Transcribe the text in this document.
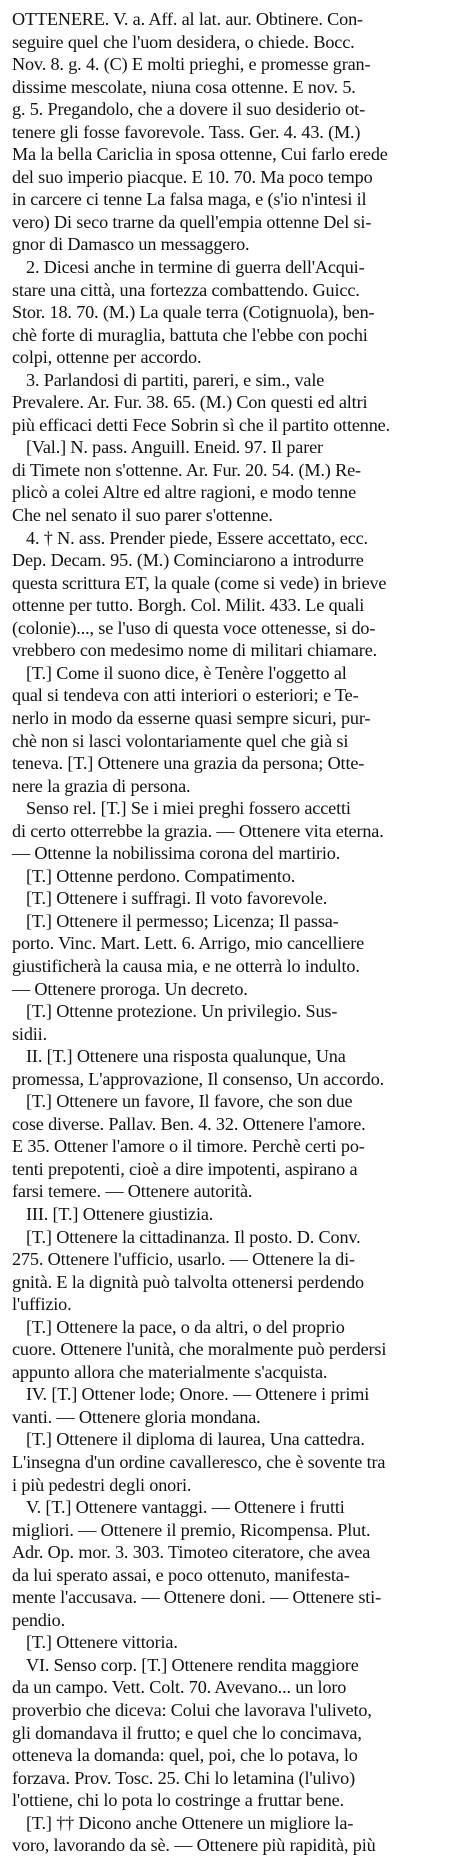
OTTENERE. V. a. Aff. al lat. aur. Obtinere. Con-
seguire quel che l'uom desidera, o chiede. Bocc.
Nov. 8. g. 4. (C) E molti prieghi, e promesse gran-
dissime mescolate, niuna cosa ottenne. E nov. 5.
g. 5. Pregandolo, che a dovere il suo desiderio ot-
tenere gli fosse favorevole. Tass. Ger. 4. 43. (M.)
Ma la bella Cariclia in sposa ottenne, Cui farlo erede
del suo imperio piacque. E 10. 70. Ma poco tempo
in carcere ci tenne La falsa maga, e (s'io n'intesi il
vero) Di seco trarne da quell'empia ottenne Del si-
gnor di Damasco un messaggero.
2. Dicesi anche in termine di guerra dell'Acqui-
stare una città, una fortezza combattendo. Guicc.
Stor. 18. 70. (M.) La quale terra (Cotignuola), ben-
chè forte di muraglia, battuta che l'ebbe con pochi
colpi, ottenne per accordo.
3. Parlandosi di partiti, pareri, e sim., vale
Prevalere. Ar. Fur. 38. 65. (M.) Con questi ed altri
più efficaci detti Fece Sobrin sì che il partito ottenne.
[Val.] N. pass. Anguill. Eneid. 97. Il parer
di Timete non s'ottenne. Ar. Fur. 20. 54. (M.) Re-
plicò a colei Altre ed altre ragioni, e modo tenne
Che nel senato il suo parer s'ottenne.
4. † N. ass. Prender piede, Essere accettato, ecc.
Dep. Decam. 95. (M.) Cominciarono a introdurre
questa scrittura ET, la quale (come si vede) in brieve
ottenne per tutto. Borgh. Col. Milit. 433. Le quali
(colonie)..., se l'uso di questa voce ottenesse, si do-
vrebbero con medesimo nome di militari chiamare.
[T.] Come il suono dice, è Tenère l'oggetto al
qual si tendeva con atti interiori o esteriori; e Te-
nerlo in modo da esserne quasi sempre sicuri, pur-
chè non si lasci volontariamente quel che già si
teneva. [T.] Ottenere una grazia da persona; Otte-
nere la grazia di persona.
Senso rel. [T.] Se i miei preghi fossero accetti
di certo otterrebbe la grazia. — Ottenere vita eterna.
— Ottenne la nobilissima corona del martirio.
[T.] Ottenne perdono. Compatimento.
[T.] Ottenere i suffragi. Il voto favorevole.
[T.] Ottenere il permesso; Licenza; Il passa-
porto. Vinc. Mart. Lett. 6. Arrigo, mio cancelliere
giustificherà la causa mia, e ne otterrà lo indulto.
— Ottenere proroga. Un decreto.
[T.] Ottenne protezione. Un privilegio. Sus-
sidii.
II. [T.] Ottenere una risposta qualunque, Una
promessa, L'approvazione, Il consenso, Un accordo.
[T.] Ottenere un favore, Il favore, che son due
cose diverse. Pallav. Ben. 4. 32. Ottenere l'amore.
E 35. Ottener l'amore o il timore. Perchè certi po-
tenti prepotenti, cioè a dire impotenti, aspirano a
farsi temere. — Ottenere autorità.
III. [T.] Ottenere giustizia.
[T.] Ottenere la cittadinanza. Il posto. D. Conv.
275. Ottenere l'ufficio, usarlo. — Ottenere la di-
gnità. E la dignità può talvolta ottenersi perdendo
l'uffizio.
[T.] Ottenere la pace, o da altri, o del proprio
cuore. Ottenere l'unità, che moralmente può perdersi
appunto allora che materialmente s'acquista.
IV. [T.] Ottener lode; Onore. — Ottenere i primi
vanti. — Ottenere gloria mondana.
[T.] Ottenere il diploma di laurea, Una cattedra.
L'insegna d'un ordine cavalleresco, che è sovente tra
i più pedestri degli onori.
V. [T.] Ottenere vantaggi. — Ottenere i frutti
migliori. — Ottenere il premio, Ricompensa. Plut.
Adr. Op. mor. 3. 303. Timoteo citeratore, che avea
da lui sperato assai, e poco ottenuto, manifesta-
mente l'accusava. — Ottenere doni. — Ottenere sti-
pendio.
[T.] Ottenere vittoria.
VI. Senso corp. [T.] Ottenere rendita maggiore
da un campo. Vett. Colt. 70. Avevano... un loro
proverbio che diceva: Colui che lavorava l'uliveto,
gli domandava il frutto; e quel che lo concimava,
otteneva la domanda: quel, poi, che lo potava, lo
forzava. Prov. Tosc. 25. Chi lo letamina (l'ulivo)
l'ottiene, chi lo pota lo costringe a fruttar bene.
[T.] †† Dicono anche Ottenere un migliore la-
voro, lavorando da sè. — Ottenere più rapidità, più
